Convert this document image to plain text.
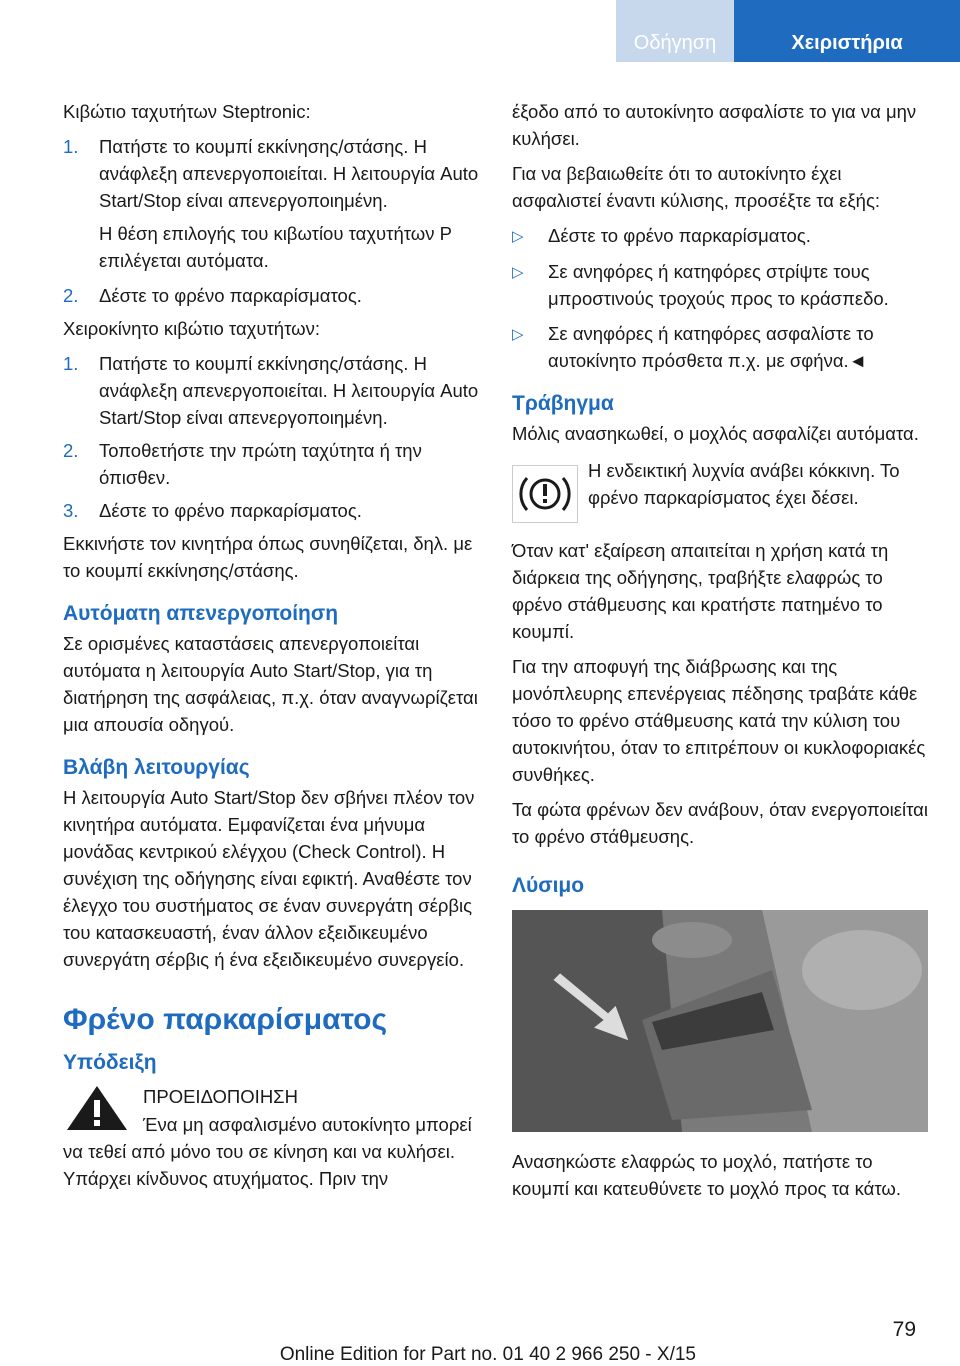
Οδήγηση	Χειριστήρια

Κιβώτιο ταχυτήτων Steptronic:

1.	Πατήστε το κουμπί εκκίνησης/στάσης. Η ανάφλεξη απενεργοποιείται. Η λειτουργία Auto Start/Stop είναι απενεργοποιημένη.

Η θέση επιλογής του κιβωτίου ταχυτήτων P επιλέγεται αυτόματα.

2.	Δέστε το φρένο παρκαρίσματος.

Χειροκίνητο κιβώτιο ταχυτήτων:

1.	Πατήστε το κουμπί εκκίνησης/στάσης. Η ανάφλεξη απενεργοποιείται. Η λειτουργία Auto Start/Stop είναι απενεργοποιημένη.
2.	Τοποθετήστε την πρώτη ταχύτητα ή την όπισθεν.
3.	Δέστε το φρένο παρκαρίσματος.

Εκκινήστε τον κινητήρα όπως συνηθίζεται, δηλ. με το κουμπί εκκίνησης/στάσης.

Αυτόματη απενεργοποίηση

Σε ορισμένες καταστάσεις απενεργοποιείται αυτόματα η λειτουργία Auto Start/Stop, για τη διατήρηση της ασφάλειας, π.χ. όταν αναγνωρίζεται μια απουσία οδηγού.

Βλάβη λειτουργίας

Η λειτουργία Auto Start/Stop δεν σβήνει πλέον τον κινητήρα αυτόματα. Εμφανίζεται ένα μήνυμα μονάδας κεντρικού ελέγχου (Check Control). Η συνέχιση της οδήγησης είναι εφικτή. Αναθέστε τον έλεγχο του συστήματος σε έναν συνεργάτη σέρβις του κατασκευαστή, έναν άλλον εξειδικευμένο συνεργάτη σέρβις ή ένα εξειδικευμένο συνεργείο.

Φρένο παρκαρίσματος
Υπόδειξη
ΠΡΟΕΙΔΟΠΟΙΗΣΗ

Ένα μη ασφαλισμένο αυτοκίνητο μπορεί να τεθεί από μόνο του σε κίνηση και να κυλήσει. Υπάρχει κίνδυνος ατυχήματος. Πριν την

έξοδο από το αυτοκίνητο ασφαλίστε το για να μην κυλήσει.

Για να βεβαιωθείτε ότι το αυτοκίνητο έχει ασφαλιστεί έναντι κύλισης, προσέξτε τα εξής:

▷	Δέστε το φρένο παρκαρίσματος.
▷	Σε ανηφόρες ή κατηφόρες στρίψτε τους μπροστινούς τροχούς προς το κράσπεδο.
▷	Σε ανηφόρες ή κατηφόρες ασφαλίστε το αυτοκίνητο πρόσθετα π.χ. με σφήνα.◄
Τράβηγμα

Μόλις ανασηκωθεί, ο μοχλός ασφαλίζει αυτόματα.

Η ενδεικτική λυχνία ανάβει κόκκινη. Το φρένο παρκαρίσματος έχει δέσει.

Όταν κατ' εξαίρεση απαιτείται η χρήση κατά τη διάρκεια της οδήγησης, τραβήξτε ελαφρώς το φρένο στάθμευσης και κρατήστε πατημένο το κουμπί.

Για την αποφυγή της διάβρωσης και της μονόπλευρης επενέργειας πέδησης τραβάτε κάθε τόσο το φρένο στάθμευσης κατά την κύλιση του αυτοκινήτου, όταν το επιτρέπουν οι κυκλοφοριακές συνθήκες.

Τα φώτα φρένων δεν ανάβουν, όταν ενεργοποιείται το φρένο στάθμευσης.

Λύσιμο

Ανασηκώστε ελαφρώς το μοχλό, πατήστε το κουμπί και κατευθύνετε το μοχλό προς τα κάτω.

79
Online Edition for Part no. 01 40 2 966 250 - X/15
